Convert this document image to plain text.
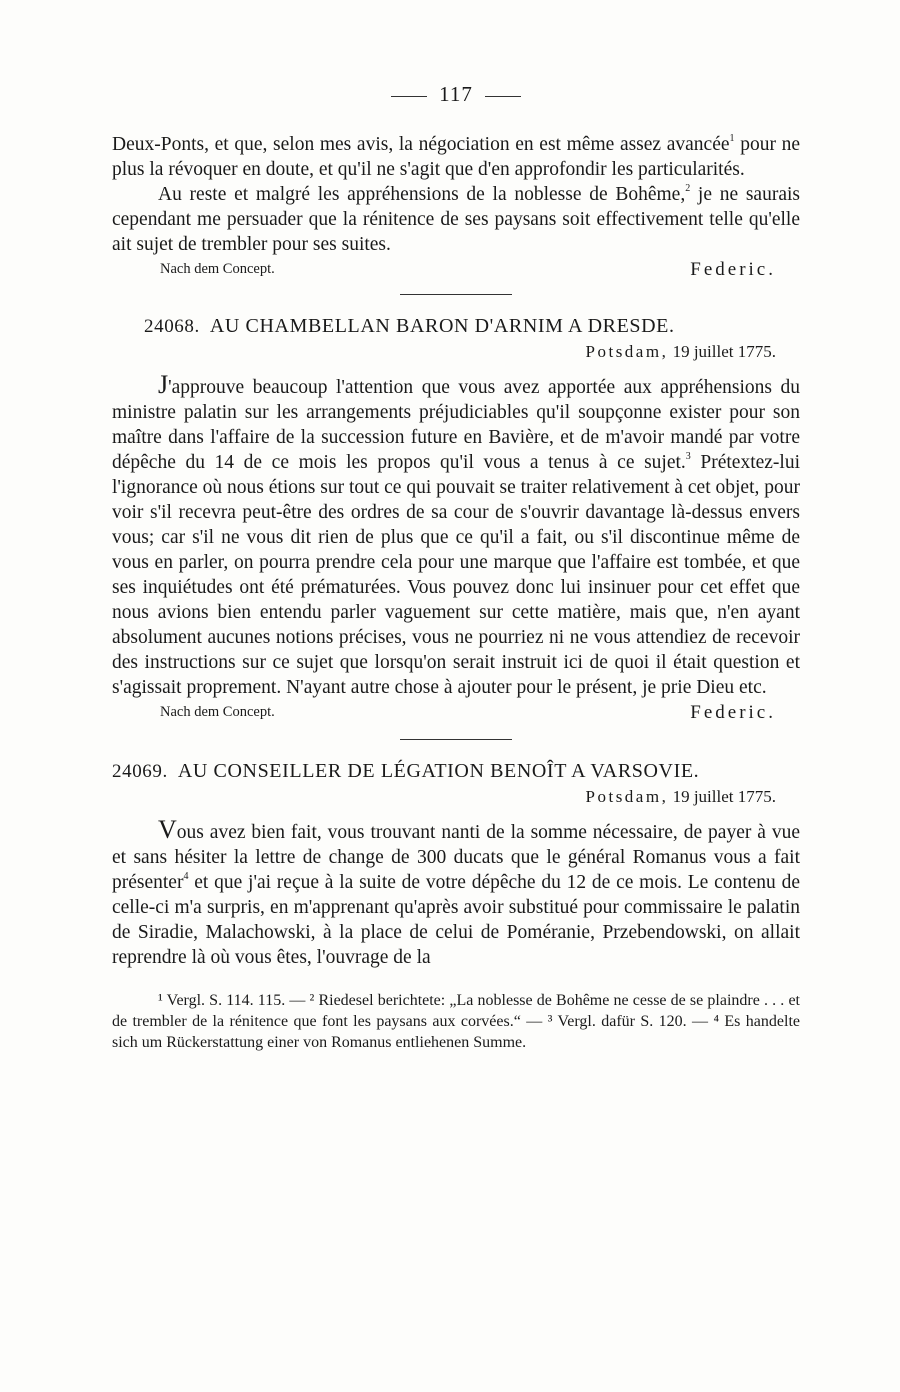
117

Deux-Ponts, et que, selon mes avis, la négociation en est même assez avancée$^1$ pour ne plus la révoquer en doute, et qu'il ne s'agit que d'en approfondir les particularités.

Au reste et malgré les appréhensions de la noblesse de Bohême,$^2$ je ne saurais cependant me persuader que la rénitence de ses paysans soit effectivement telle qu'elle ait sujet de trembler pour ses suites.

Nach dem Concept.	Federic.
24068. AU CHAMBELLAN BARON D'ARNIM A DRESDE.
Potsdam, 19 juillet 1775.

J'approuve beaucoup l'attention que vous avez apportée aux appréhensions du ministre palatin sur les arrangements préjudiciables qu'il soupçonne exister pour son maître dans l'affaire de la succession future en Bavière, et de m'avoir mandé par votre dépêche du 14 de ce mois les propos qu'il vous a tenus à ce sujet.$^3$ Prétextez-lui l'ignorance où nous étions sur tout ce qui pouvait se traiter relativement à cet objet, pour voir s'il recevra peut-être des ordres de sa cour de s'ouvrir davantage là-dessus envers vous; car s'il ne vous dit rien de plus que ce qu'il a fait, ou s'il discontinue même de vous en parler, on pourra prendre cela pour une marque que l'affaire est tombée, et que ses inquiétudes ont été prématurées. Vous pouvez donc lui insinuer pour cet effet que nous avions bien entendu parler vaguement sur cette matière, mais que, n'en ayant absolument aucunes notions précises, vous ne pourriez ni ne vous attendiez de recevoir des instructions sur ce sujet que lorsqu'on serait instruit ici de quoi il était question et s'agissait proprement. N'ayant autre chose à ajouter pour le présent, je prie Dieu etc.

Nach dem Concept.	Federic.
24069. AU CONSEILLER DE LÉGATION BENOÎT A VARSOVIE.
Potsdam, 19 juillet 1775.

Vous avez bien fait, vous trouvant nanti de la somme nécessaire, de payer à vue et sans hésiter la lettre de change de 300 ducats que le général Romanus vous a fait présenter$^4$ et que j'ai reçue à la suite de votre dépêche du 12 de ce mois. Le contenu de celle-ci m'a surpris, en m'apprenant qu'après avoir substitué pour commissaire le palatin de Siradie, Malachowski, à la place de celui de Poméranie, Przebendowski, on allait reprendre là où vous êtes, l'ouvrage de la

¹ Vergl. S. 114. 115. — ² Riedesel berichtete: „La noblesse de Bohême ne cesse de se plaindre . . . et de trembler de la rénitence que font les paysans aux corvées.“ — ³ Vergl. dafür S. 120. — ⁴ Es handelte sich um Rückerstattung einer von Romanus entliehenen Summe.
